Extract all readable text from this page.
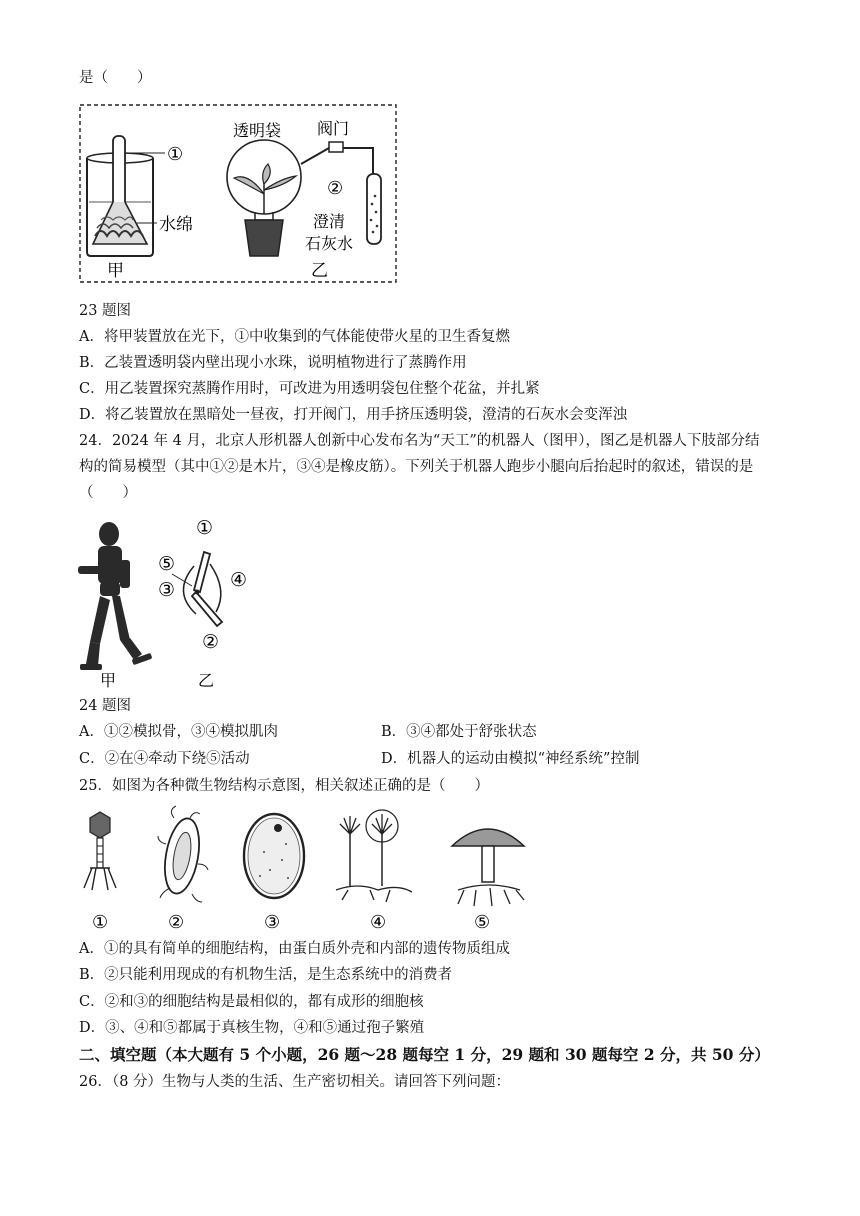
是（　　）
①
水绵
甲
透明袋 阀门
②
澄清
石灰水
乙
23 题图
A．将甲装置放在光下，①中收集到的气体能使带火星的卫生香复燃
B．乙装置透明袋内壁出现小水珠，说明植物进行了蒸腾作用
C．用乙装置探究蒸腾作用时，可改进为用透明袋包住整个花盆，并扎紧
D．将乙装置放在黑暗处一昼夜，打开阀门，用手挤压透明袋，澄清的石灰水会变浑浊
24．2024 年 4 月，北京人形机器人创新中心发布名为“天工”的机器人（图甲），图乙是机器人下肢部分结
构的简易模型（其中①②是木片，③④是橡皮筋）。下列关于机器人跑步小腿向后抬起时的叙述，错误的是
（　　）
①
⑤
③	④
②
甲	乙
24 题图
A．①②模拟骨，③④模拟肌肉	B．③④都处于舒张状态
C．②在④牵动下绕⑤活动	D．机器人的运动由模拟“神经系统”控制
25．如图为各种微生物结构示意图，相关叙述正确的是（　　）
①	②	③	④	⑤
A．①的具有简单的细胞结构，由蛋白质外壳和内部的遗传物质组成
B．②只能利用现成的有机物生活，是生态系统中的消费者
C．②和③的细胞结构是最相似的，都有成形的细胞核
D．③、④和⑤都属于真核生物，④和⑤通过孢子繁殖
二、填空题（本大题有 5 个小题，26 题～28 题每空 1 分，29 题和 30 题每空 2 分，共 50 分）
26．（8 分）生物与人类的生活、生产密切相关。请回答下列问题：
